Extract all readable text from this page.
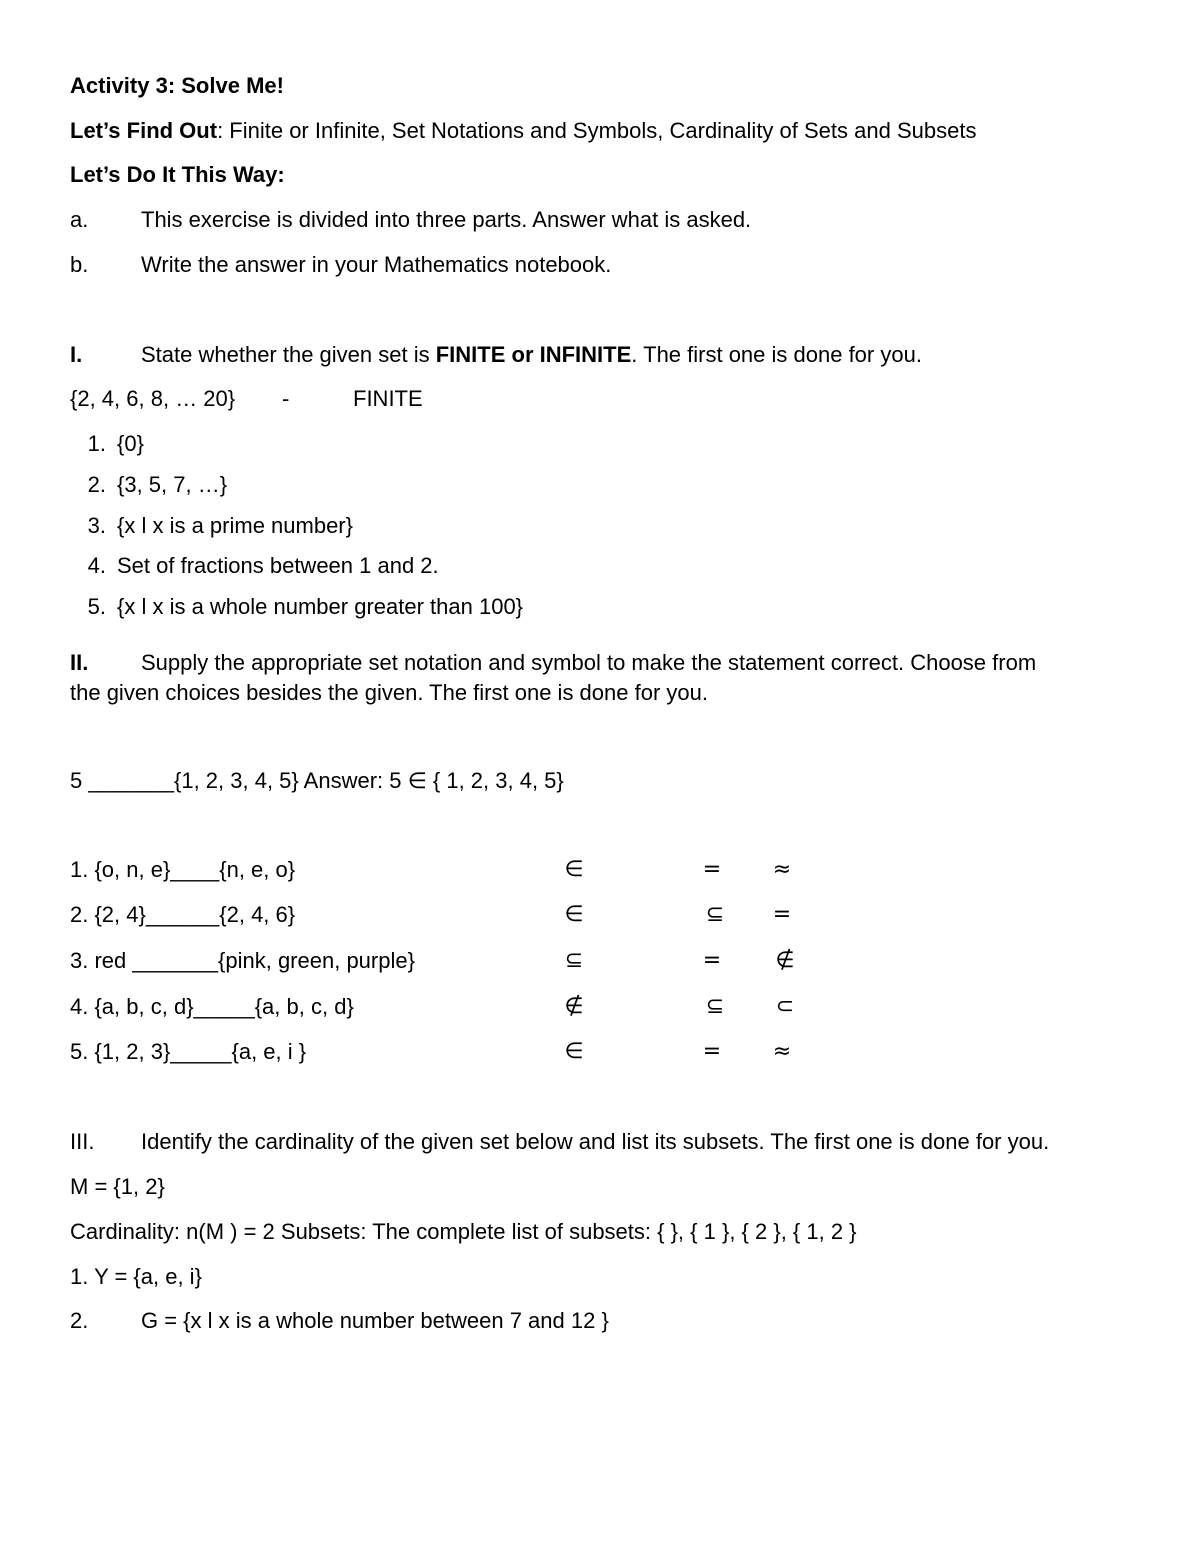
Activity 3: Solve Me!
Let’s Find Out: Finite or Infinite, Set Notations and Symbols, Cardinality of Sets and Subsets
Let’s Do It This Way:
a. This exercise is divided into three parts. Answer what is asked.
b. Write the answer in your Mathematics notebook.
I.	State whether the given set is FINITE or INFINITE. The first one is done for you.
{2, 4, 6, 8, … 20} -	FINITE
1. {0}
2. {3, 5, 7, …}
3. {x l x is a prime number}
4. Set of fractions between 1 and 2.
5. {x l x is a whole number greater than 100}
II. Supply the appropriate set notation and symbol to make the statement correct. Choose from
the given choices besides the given. The first one is done for you.
5 _______{1, 2, 3, 4, 5} Answer: 5 ∈ { 1, 2, 3, 4, 5}
1. {o, n, e}____{n, e, o}	∈	=	≈
2. {2, 4}______{2, 4, 6}	∈	⊆	=
3. red _______{pink, green, purple}	⊆	=	∉
4. {a, b, c, d}_____{a, b, c, d}	∉	⊆	⊂
5. {1, 2, 3}_____{a, e, i }	∈	=	≈
III. Identify the cardinality of the given set below and list its subsets. The first one is done for you.
M = {1, 2}
Cardinality: n(M ) = 2 Subsets: The complete list of subsets: { }, { 1 }, { 2 }, { 1, 2 }
1. Y = {a, e, i}
2. G = {x l x is a whole number between 7 and 12 }
